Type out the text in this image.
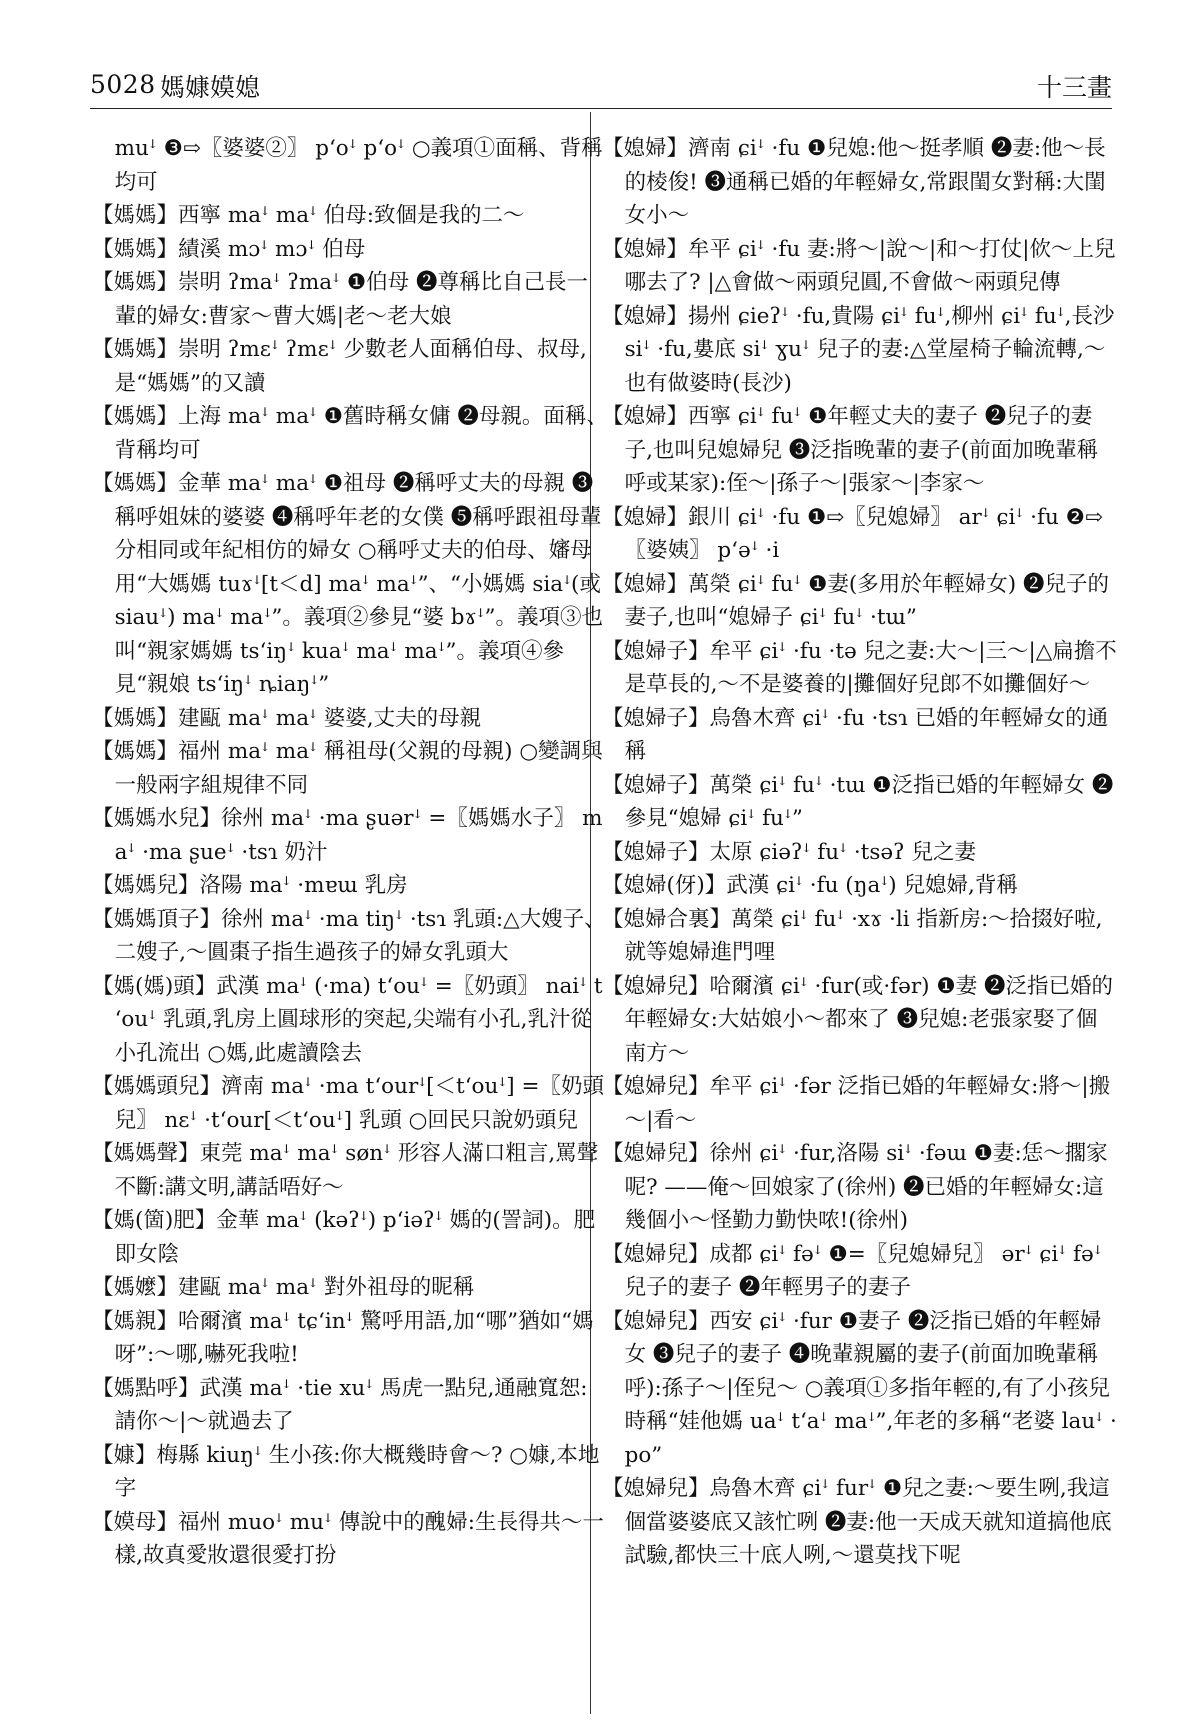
5028 媽嫝嫫媳	十三畫
muꜜ ❸⇨〖婆婆②〗 pʻoꜜ pʻoꜜ ○義項①面稱、背稱均可
【媽媽】西寧 maꜜ maꜜ 伯母:致個是我的二～
【媽媽】績溪 mɔꜜ mɔꜜ 伯母
【媽媽】崇明 ʔmaꜜ ʔmaꜜ ❶伯母 ❷尊稱比自己長一輩的婦女:曹家～曹大媽|老～老大娘
【媽媽】崇明 ʔmɛꜜ ʔmɛꜜ 少數老人面稱伯母、叔母,是“媽媽”的又讀
【媽媽】上海 maꜜ maꜜ ❶舊時稱女傭 ❷母親。面稱、背稱均可
【媽媽】金華 maꜜ maꜜ ❶祖母 ❷稱呼丈夫的母親 ❸稱呼姐妹的婆婆 ❹稱呼年老的女僕 ❺稱呼跟祖母輩分相同或年紀相仿的婦女 ○稱呼丈夫的伯母、嬸母用“大媽媽 tuɤꜜ[t＜d] maꜜ maꜜ”、“小媽媽 siaꜜ(或siauꜜ) maꜜ maꜜ”。義項②參見“婆 bɤꜜ”。義項③也叫“親家媽媽 tsʻiŋꜜ kuaꜜ maꜜ maꜜ”。義項④參見“親娘 tsʻiŋꜜ ȵiaŋꜜ”
【媽媽】建甌 maꜜ maꜜ 婆婆,丈夫的母親
【媽媽】福州 maꜜ maꜜ 稱祖母(父親的母親) ○變調與一般兩字組規律不同
【媽媽水兒】徐州 maꜜ ·ma ʂuərꜜ =〖媽媽水子〗 maꜜ ·ma ʂueꜜ ·tsɿ 奶汁
【媽媽兒】洛陽 maꜜ ·mɐɯ 乳房
【媽媽頂子】徐州 maꜜ ·ma tiŋꜜ ·tsɿ 乳頭:△大嫂子、二嫂子,～圓棗子指生過孩子的婦女乳頭大
【媽(媽)頭】武漢 maꜜ (·ma) tʻouꜜ =〖奶頭〗 naiꜜ tʻouꜜ 乳頭,乳房上圓球形的突起,尖端有小孔,乳汁從小孔流出 ○媽,此處讀陰去
【媽媽頭兒】濟南 maꜜ ·ma tʻourꜜ[＜tʻouꜜ] =〖奶頭兒〗 nɛꜜ ·tʻour[＜tʻouꜜ] 乳頭 ○回民只說奶頭兒
【媽媽聲】東莞 maꜜ maꜜ sønꜜ 形容人滿口粗言,罵聲不斷:講文明,講話唔好～
【媽(箇)肥】金華 maꜜ (kəʔꜜ) pʻiəʔꜜ 媽的(詈詞)。肥即女陰
【媽嬤】建甌 maꜜ maꜜ 對外祖母的昵稱
【媽親】哈爾濱 maꜜ tɕʻinꜜ 驚呼用語,加“哪”猶如“媽呀”:～哪,嚇死我啦!
【媽點呼】武漢 maꜜ ·tie xuꜜ 馬虎一點兒,通融寬恕:請你～|～就過去了
【嫝】梅縣 kiuŋꜜ 生小孩:你大概幾時會～? ○嫝,本地字
【嫫母】福州 muoꜜ muꜜ 傳說中的醜婦:生長得共～一樣,故真愛妝還很愛打扮
【媳婦】濟南 ɕiꜜ ·fu ❶兒媳:他～挺孝順 ❷妻:他～長的棱俊! ❸通稱已婚的年輕婦女,常跟閨女對稱:大閨女小～
【媳婦】牟平 ɕiꜜ ·fu 妻:將～|說～|和～打仗|佽～上兒哪去了? |△會做～兩頭兒圓,不會做～兩頭兒傳
【媳婦】揚州 ɕieʔꜜ ·fu,貴陽 ɕiꜜ fuꜜ,柳州 ɕiꜜ fuꜜ,長沙 siꜜ ·fu,婁底 siꜜ ɣuꜜ 兒子的妻:△堂屋椅子輪流轉,～也有做婆時(長沙)
【媳婦】西寧 ɕiꜜ fuꜜ ❶年輕丈夫的妻子 ❷兒子的妻子,也叫兒媳婦兒 ❸泛指晚輩的妻子(前面加晚輩稱呼或某家):侄～|孫子～|張家～|李家～
【媳婦】銀川 ɕiꜜ ·fu ❶⇨〖兒媳婦〗 arꜜ ɕiꜜ ·fu ❷⇨〖婆姨〗 pʻəꜜ ·i
【媳婦】萬榮 ɕiꜜ fuꜜ ❶妻(多用於年輕婦女) ❷兒子的妻子,也叫“媳婦子 ɕiꜜ fuꜜ ·tɯ”
【媳婦子】牟平 ɕiꜜ ·fu ·tə 兒之妻:大～|三～|△扁擔不是草長的,～不是婆養的|攤個好兒郎不如攤個好～
【媳婦子】烏魯木齊 ɕiꜜ ·fu ·tsɿ 已婚的年輕婦女的通稱
【媳婦子】萬榮 ɕiꜜ fuꜜ ·tɯ ❶泛指已婚的年輕婦女 ❷參見“媳婦 ɕiꜜ fuꜜ”
【媳婦子】太原 ɕiəʔꜜ fuꜜ ·tsəʔ 兒之妻
【媳婦(伢)】武漢 ɕiꜜ ·fu (ŋaꜜ) 兒媳婦,背稱
【媳婦合裏】萬榮 ɕiꜜ fuꜜ ·xɤ ·li 指新房:～拾掇好啦,就等媳婦進門哩
【媳婦兒】哈爾濱 ɕiꜜ ·fur(或·fər) ❶妻 ❷泛指已婚的年輕婦女:大姑娘小～都來了 ❸兒媳:老張家娶了個南方～
【媳婦兒】牟平 ɕiꜜ ·fər 泛指已婚的年輕婦女:將～|搬～|看～
【媳婦兒】徐州 ɕiꜜ ·fur,洛陽 siꜜ ·fəɯ ❶妻:恁～擱家呢? ——俺～回娘家了(徐州) ❷已婚的年輕婦女:這幾個小～怪勤力勤快哝!(徐州)
【媳婦兒】成都 ɕiꜜ fəꜜ ❶=〖兒媳婦兒〗 ərꜜ ɕiꜜ fəꜜ 兒子的妻子 ❷年輕男子的妻子
【媳婦兒】西安 ɕiꜜ ·fur ❶妻子 ❷泛指已婚的年輕婦女 ❸兒子的妻子 ❹晚輩親屬的妻子(前面加晚輩稱呼):孫子～|侄兒～ ○義項①多指年輕的,有了小孩兒時稱“娃他媽 uaꜜ tʻaꜜ maꜜ”,年老的多稱“老婆 lauꜜ ·po”
【媳婦兒】烏魯木齊 ɕiꜜ furꜜ ❶兒之妻:～要生咧,我這個當婆婆底又該忙咧 ❷妻:他一天成天就知道搞他底試驗,都快三十底人咧,～還莫找下呢
